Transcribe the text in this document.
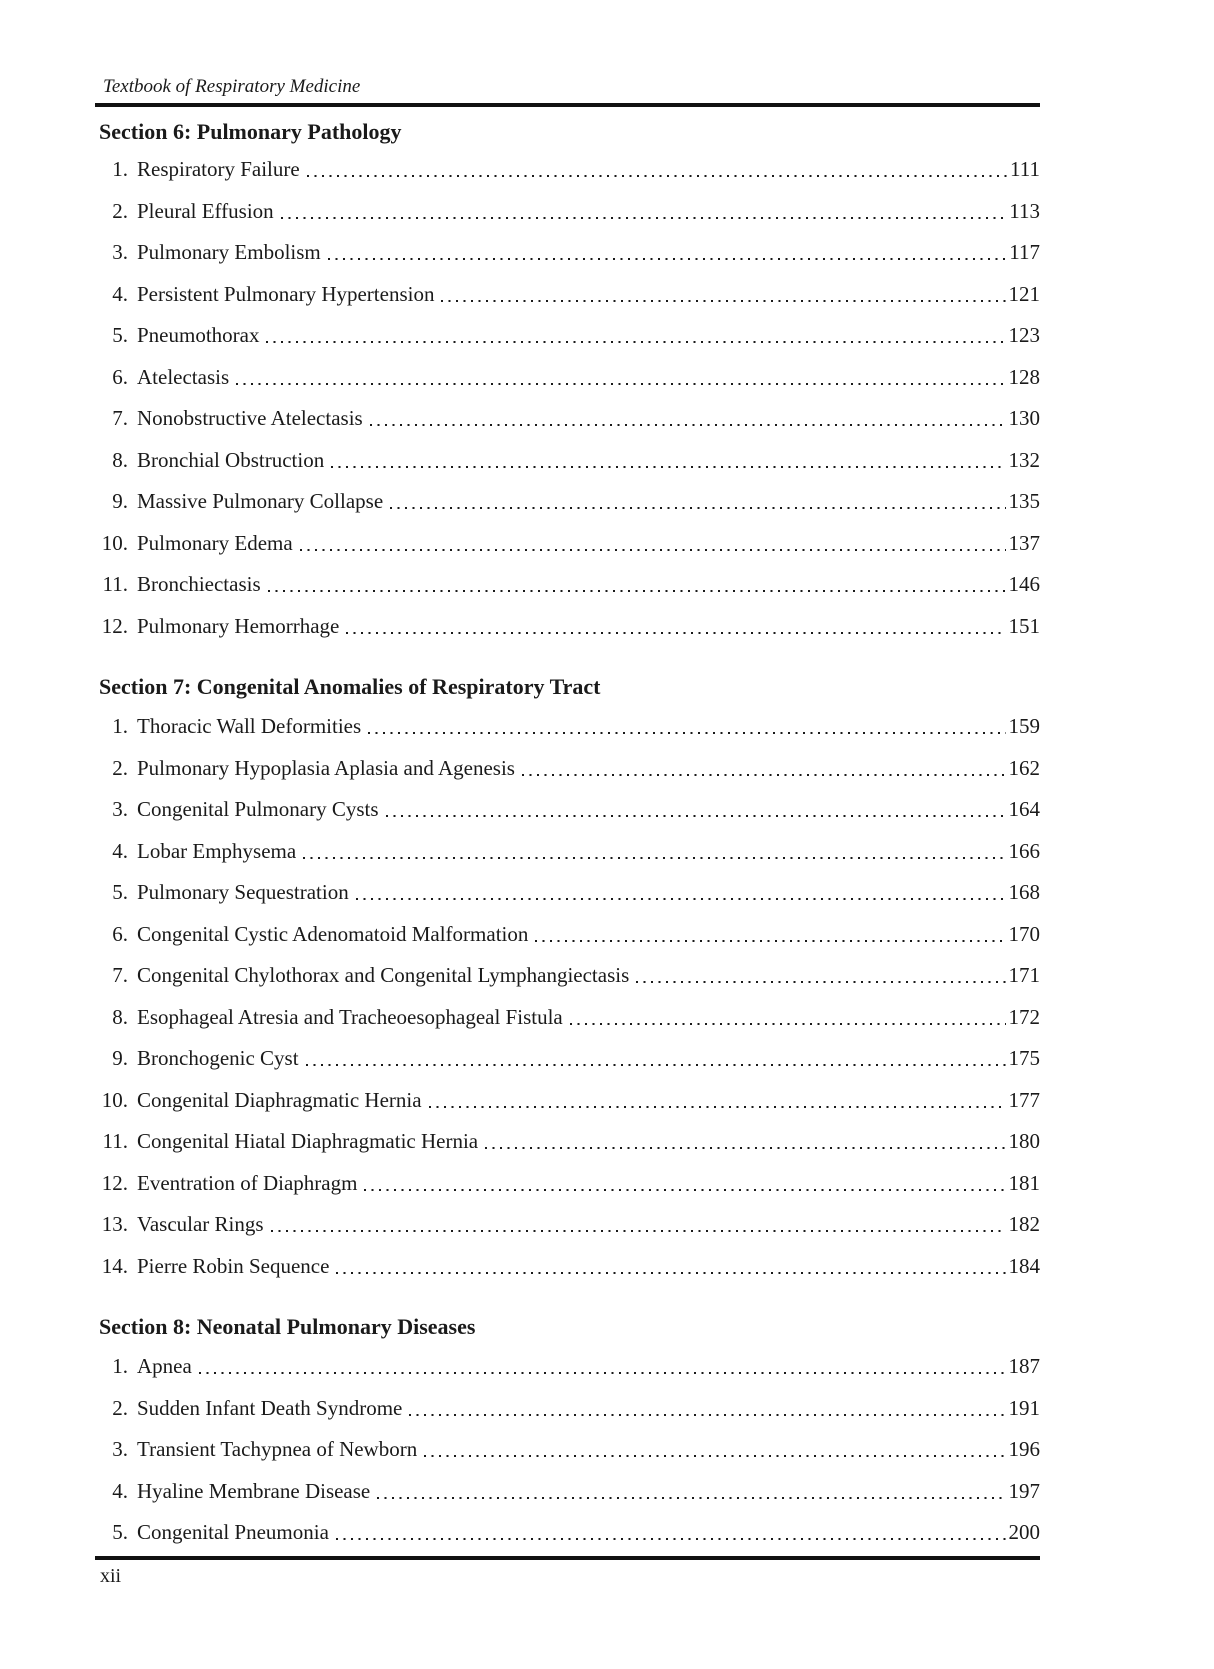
Textbook of Respiratory Medicine
Section 6: Pulmonary Pathology
1. Respiratory Failure	111
2. Pleural Effusion	113
3. Pulmonary Embolism	117
4. Persistent Pulmonary Hypertension	121
5. Pneumothorax	123
6. Atelectasis	128
7. Nonobstructive Atelectasis	130
8. Bronchial Obstruction	132
9. Massive Pulmonary Collapse	135
10. Pulmonary Edema	137
11. Bronchiectasis	146
12. Pulmonary Hemorrhage	151
Section 7: Congenital Anomalies of Respiratory Tract
1. Thoracic Wall Deformities	159
2. Pulmonary Hypoplasia Aplasia and Agenesis	162
3. Congenital Pulmonary Cysts	164
4. Lobar Emphysema	166
5. Pulmonary Sequestration	168
6. Congenital Cystic Adenomatoid Malformation	170
7. Congenital Chylothorax and Congenital Lymphangiectasis	171
8. Esophageal Atresia and Tracheoesophageal Fistula	172
9. Bronchogenic Cyst	175
10. Congenital Diaphragmatic Hernia	177
11. Congenital Hiatal Diaphragmatic Hernia	180
12. Eventration of Diaphragm	181
13. Vascular Rings	182
14. Pierre Robin Sequence	184
Section 8: Neonatal Pulmonary Diseases
1. Apnea	187
2. Sudden Infant Death Syndrome	191
3. Transient Tachypnea of Newborn	196
4. Hyaline Membrane Disease	197
5. Congenital Pneumonia	200
xii
